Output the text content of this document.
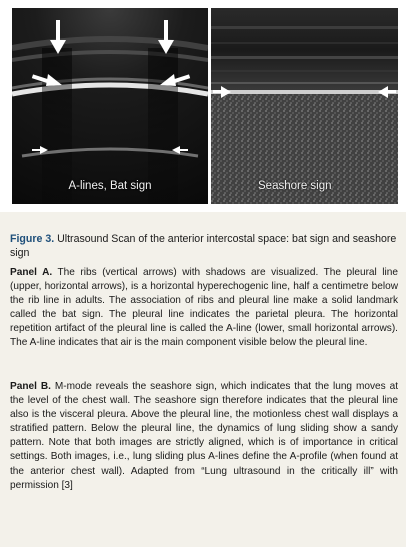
A-lines, Bat sign	Seashore sign
Figure 3. Ultrasound Scan of the anterior intercostal space: bat sign and seashore sign

Panel A. The ribs (vertical arrows) with shadows are visualized. The pleural line (upper, horizontal arrows), is a horizontal hyperechogenic line, half a centimetre below the rib line in adults. The association of ribs and pleural line make a solid landmark called the bat sign. The pleural line indicates the parietal pleura. The horizontal repetition artifact of the pleural line is called the A-line (lower, small horizontal arrows). The A-line indicates that air is the main component visible below the pleural line.

Panel B. M-mode reveals the seashore sign, which indicates that the lung moves at the level of the chest wall. The seashore sign therefore indicates that the pleural line also is the visceral pleura. Above the pleural line, the motionless chest wall displays a stratified pattern. Below the pleural line, the dynamics of lung sliding show a sandy pattern. Note that both images are strictly aligned, which is of importance in critical settings. Both images, i.e., lung sliding plus A-lines define the A-profile (when found at the anterior chest wall). Adapted from “Lung ultrasound in the critically ill” with permission [3]
